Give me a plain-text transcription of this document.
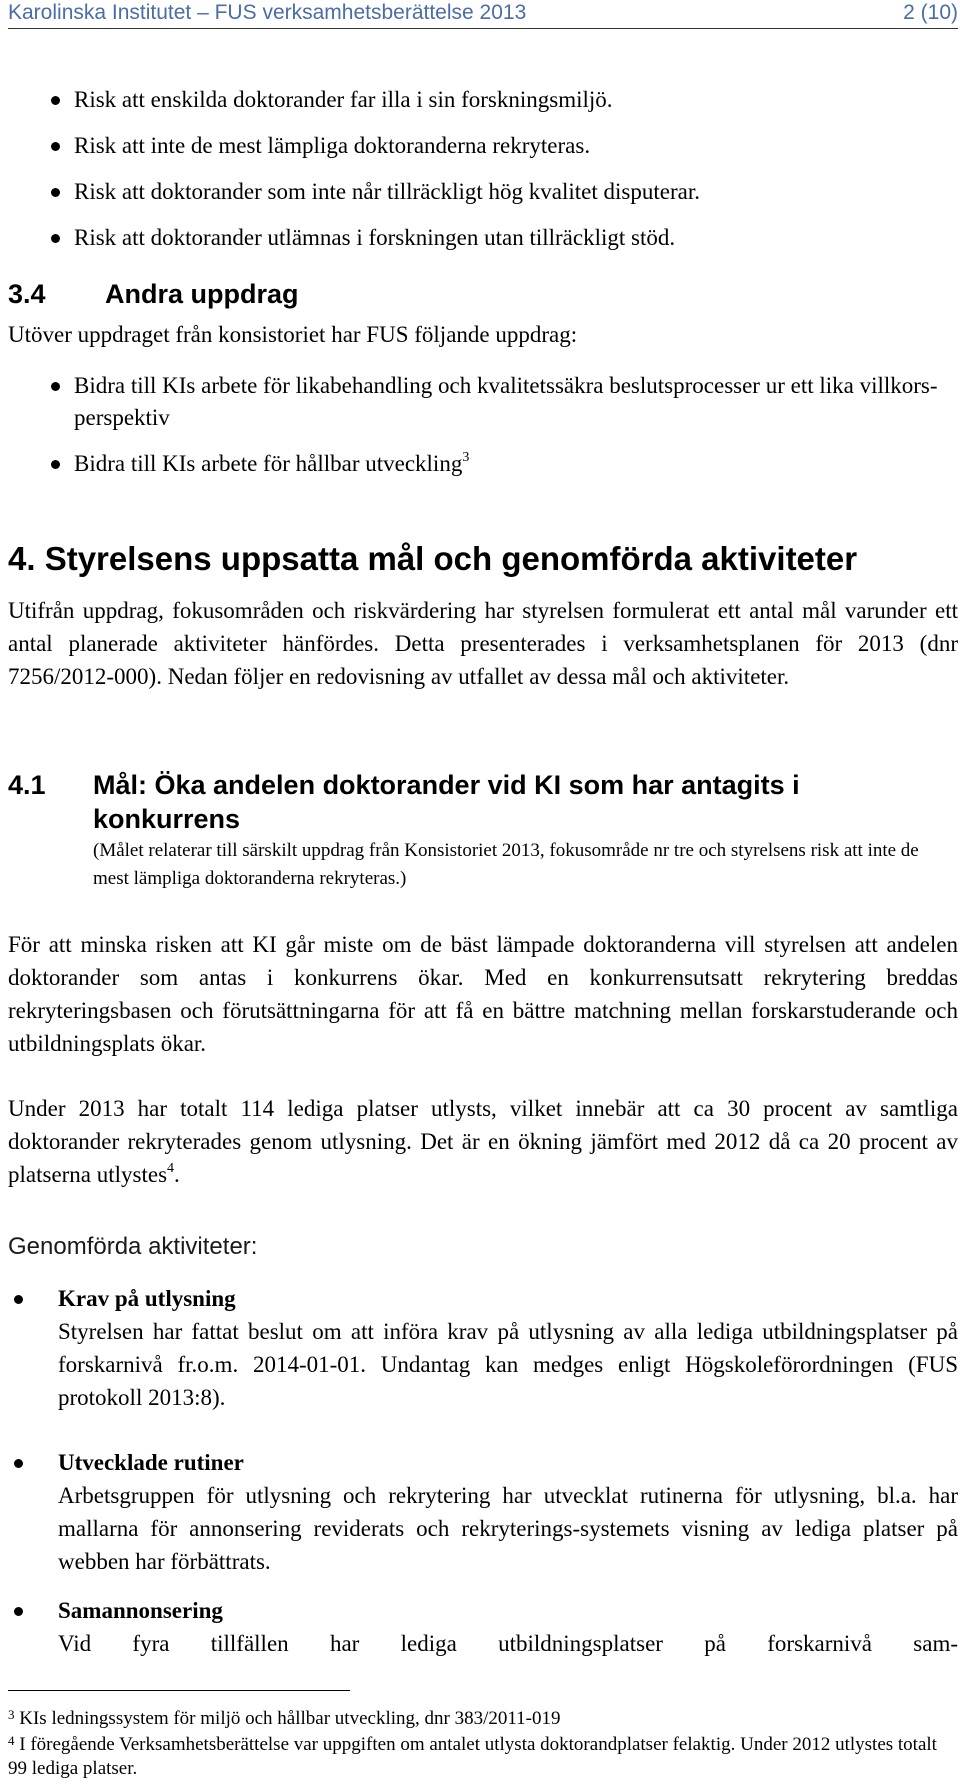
Karolinska Institutet – FUS verksamhetsberättelse 2013	2 (10)
Risk att enskilda doktorander far illa i sin forskningsmiljö.
Risk att inte de mest lämpliga doktoranderna rekryteras.
Risk att doktorander som inte når tillräckligt hög kvalitet disputerar.
Risk att doktorander utlämnas i forskningen utan tillräckligt stöd.
3.4 Andra uppdrag
Utöver uppdraget från konsistoriet har FUS följande uppdrag:
Bidra till KIs arbete för likabehandling och kvalitetssäkra beslutsprocesser ur ett lika villkors-perspektiv
Bidra till KIs arbete för hållbar utveckling$^3$
4. Styrelsens uppsatta mål och genomförda aktiviteter
Utifrån uppdrag, fokusområden och riskvärdering har styrelsen formulerat ett antal mål varunder ett antal planerade aktiviteter hänfördes. Detta presenterades i verksamhetsplanen för 2013 (dnr 7256/2012-000). Nedan följer en redovisning av utfallet av dessa mål och aktiviteter.
4.1 Mål: Öka andelen doktorander vid KI som har antagits i konkurrens
(Målet relaterar till särskilt uppdrag från Konsistoriet 2013, fokusområde nr tre och styrelsens risk att inte de mest lämpliga doktoranderna rekryteras.)
För att minska risken att KI går miste om de bäst lämpade doktoranderna vill styrelsen att andelen doktorander som antas i konkurrens ökar. Med en konkurrensutsatt rekrytering breddas rekryteringsbasen och förutsättningarna för att få en bättre matchning mellan forskarstuderande och utbildningsplats ökar.
Under 2013 har totalt 114 lediga platser utlysts, vilket innebär att ca 30 procent av samtliga doktorander rekryterades genom utlysning. Det är en ökning jämfört med 2012 då ca 20 procent av platserna utlystes$^4$.
Genomförda aktiviteter:
Krav på utlysning
Styrelsen har fattat beslut om att införa krav på utlysning av alla lediga utbildningsplatser på forskarnivå fr.o.m. 2014-01-01. Undantag kan medges enligt Högskoleförordningen (FUS protokoll 2013:8).
Utvecklade rutiner
Arbetsgruppen för utlysning och rekrytering har utvecklat rutinerna för utlysning, bl.a. har mallarna för annonsering reviderats och rekryterings-systemets visning av lediga platser på webben har förbättrats.
Samannonsering
Vid fyra tillfällen har lediga utbildningsplatser på forskarnivå sam-
$^3$ KIs ledningssystem för miljö och hållbar utveckling, dnr 383/2011-019
$^4$ I föregående Verksamhetsberättelse var uppgiften om antalet utlysta doktorandplatser felaktig. Under 2012 utlystes totalt 99 lediga platser.
